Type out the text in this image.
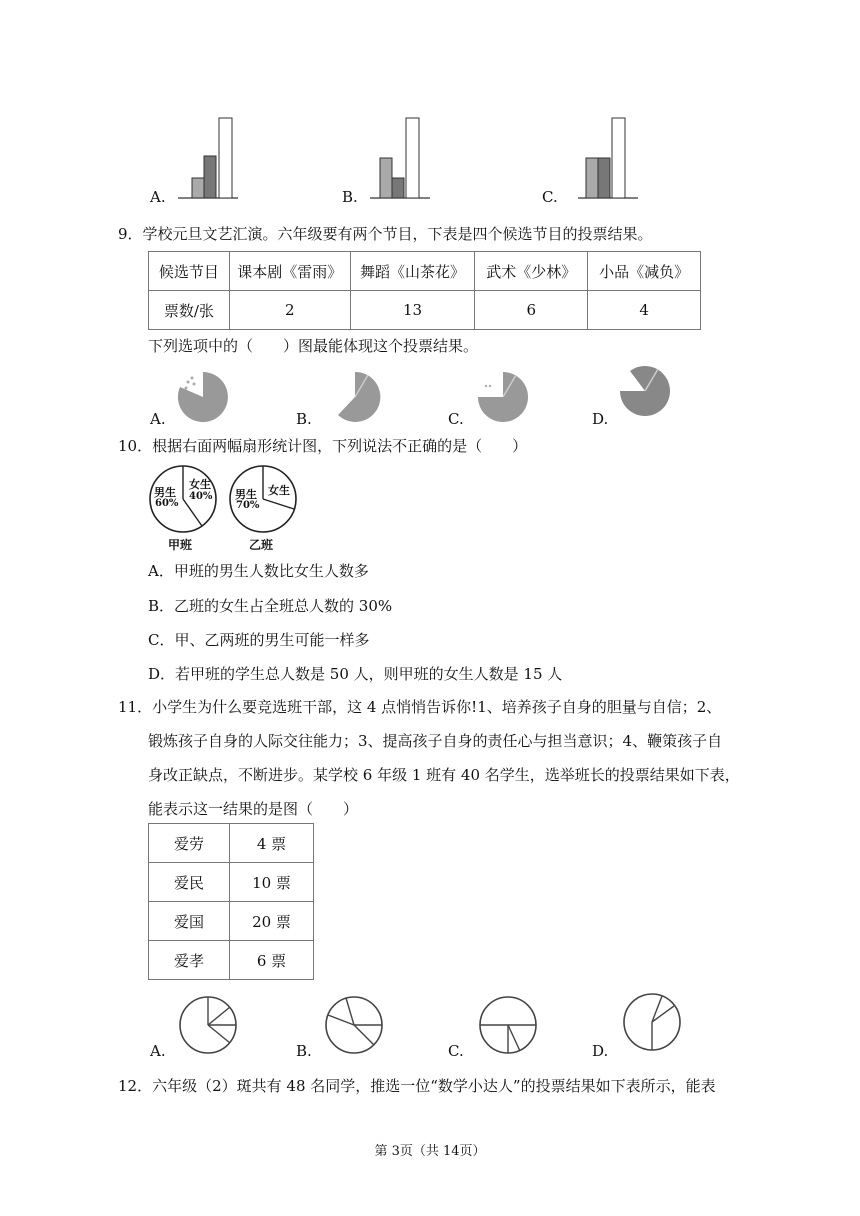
A.	B.	C.
9．学校元旦文艺汇演。六年级要有两个节目，下表是四个候选节目的投票结果。
候选节目	课本剧《雷雨》	舞蹈《山茶花》	武术《少林》	小品《减负》
票数/张	2	13	6	4
下列选项中的（　　）图最能体现这个投票结果。
A.	B.	C.	D.
10．根据右面两幅扇形统计图，下列说法不正确的是（　　）
男生
60%
女生
40%
甲班
男生
70%
女生
乙班
A．甲班的男生人数比女生人数多
B．乙班的女生占全班总人数的 30%
C．甲、乙两班的男生可能一样多
D．若甲班的学生总人数是 50 人，则甲班的女生人数是 15 人
11．小学生为什么要竞选班干部，这 4 点悄悄告诉你!1、培养孩子自身的胆量与自信；2、
锻炼孩子自身的人际交往能力；3、提高孩子自身的责任心与担当意识；4、鞭策孩子自
身改正缺点，不断进步。某学校 6 年级 1 班有 40 名学生，选举班长的投票结果如下表，
能表示这一结果的是图（　　）
爱劳	4 票
爱民	10 票
爱国	20 票
爱孝	6 票
A.	B.	C.	D.
12．六年级（2）斑共有 48 名同学，推选一位“数学小达人”的投票结果如下表所示，能表
第 3页（共 14页）
